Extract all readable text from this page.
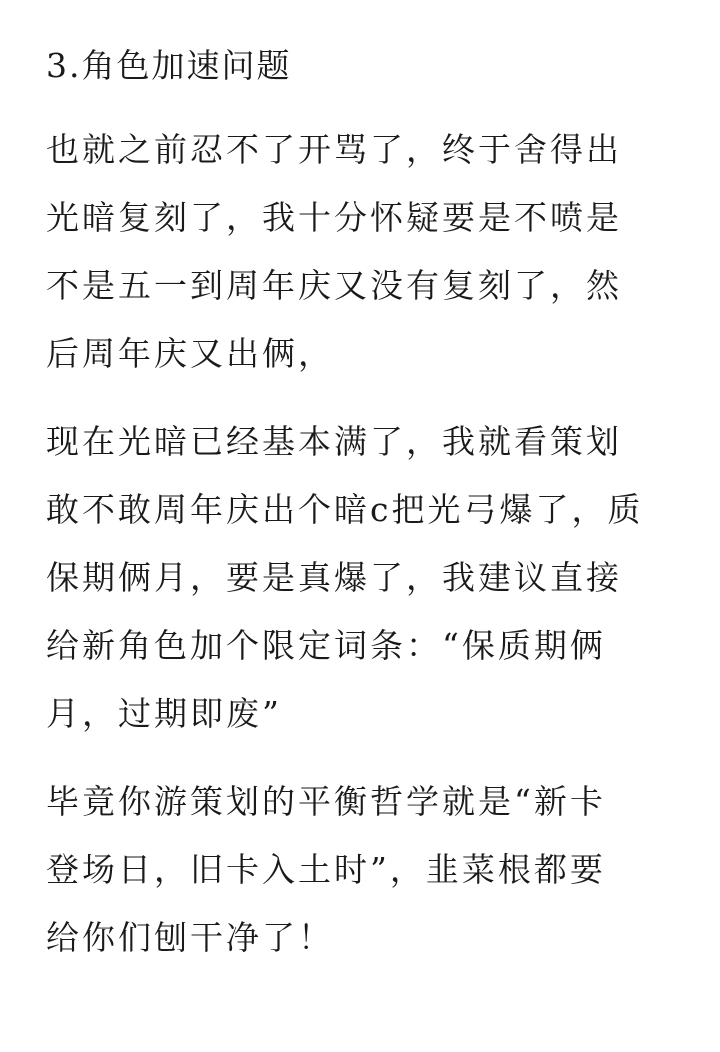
3.角色加速问题

也就之前忍不了开骂了，终于舍得出
光暗复刻了，我十分怀疑要是不喷是
不是五一到周年庆又没有复刻了，然
后周年庆又出俩，

现在光暗已经基本满了，我就看策划
敢不敢周年庆出个暗c把光弓爆了，质
保期俩月，要是真爆了，我建议直接
给新角色加个限定词条：“保质期俩
月，过期即废”

毕竟你游策划的平衡哲学就是“新卡
登场日，旧卡入土时”，韭菜根都要
给你们刨干净了！
